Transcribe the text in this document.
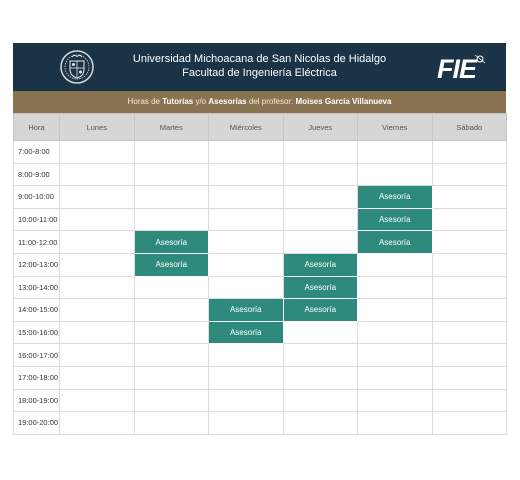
Universidad Michoacana de San Nicolas de Hidalgo
Facultad de Ingeniería Eléctrica	FIE
Horas de Tutorías y/o Asesorías del profesor: Moises García Villanueva
Hora	Lunes	Martes	Miércoles	Jueves	Viernes	Sábado
7:00-8:00						
8:00-9:00						
9:00-10:00					Asesoría	
10:00-11:00					Asesoría	
11:00-12:00		Asesoría			Asesoría	
12:00-13:00		Asesoría		Asesoría		
13:00-14:00				Asesoría		
14:00-15:00			Asesoría	Asesoría		
15:00-16:00			Asesoría			
16:00-17:00						
17:00-18:00						
18:00-19:00						
19:00-20:00						
